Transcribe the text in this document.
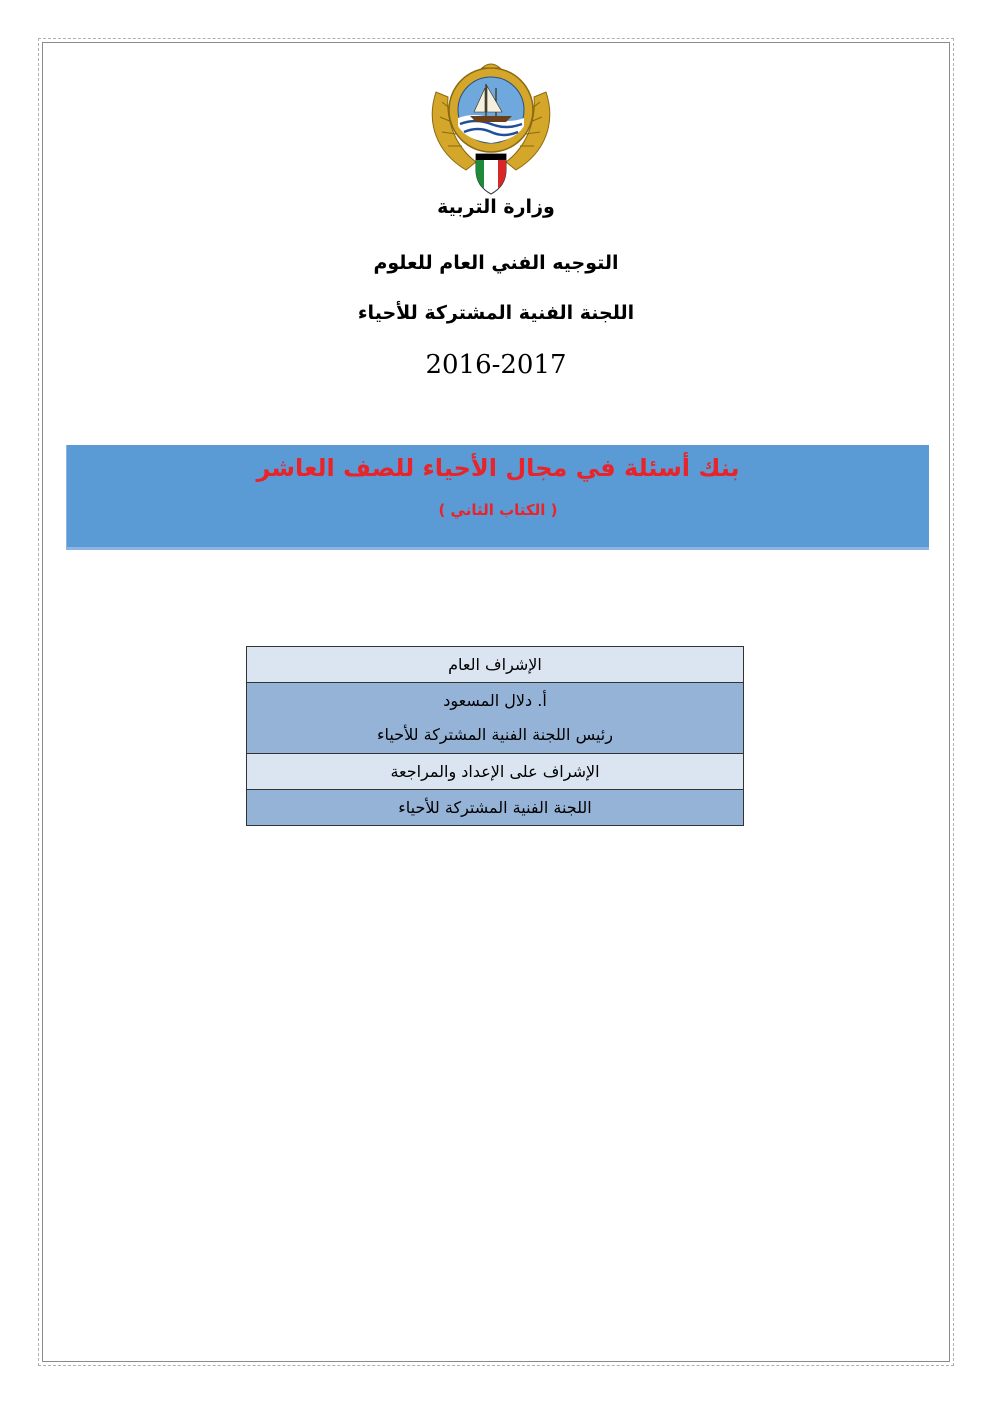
وزارة التربية
التوجيه الفني العام للعلوم
اللجنة الفنية المشتركة للأحياء
2016-2017
بنك أسئلة في مجال الأحياء للصف العاشر
( الكتاب الثاني )
الإشراف العام

أ. دلال المسعود
رئيس اللجنة الفنية المشتركة للأحياء

الإشراف على الإعداد والمراجعة

اللجنة الفنية المشتركة للأحياء
